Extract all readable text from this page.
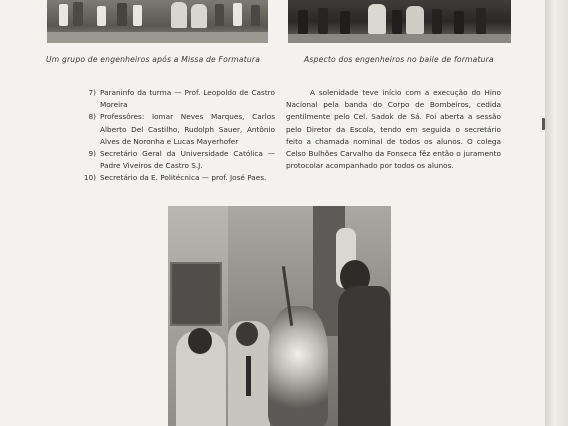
Um grupo de engenheiros após a Missa de Formatura	Aspecto dos engenheiros no baile de formatura
7) Paraninfo da turma — Prof. Leopoldo de Castro Moreira
8) Professôres: Iomar Neves Marques, Carlos Alberto Del Castilho, Rudolph Sauer, Antônio Alves de Noronha e Lucas Mayerhofer
9) Secretário Geral da Universidade Católica — Padre Viveiros de Castro S.J.
10) Secretário da E. Politécnica — prof. José Paes.

A solenidade teve início com a execução do Hino Nacional pela banda do Corpo de Bombeiros, cedida gentilmente pelo Cel. Sadok de Sá. Foi aberta a sessão pelo Diretor da Escola, tendo em seguida o secretário feito a chamada nominal de todos os alunos. O colega Celso Bulhões Carvalho da Fonseca fêz então o juramento protocolar acompanhado por todos os alunos.
